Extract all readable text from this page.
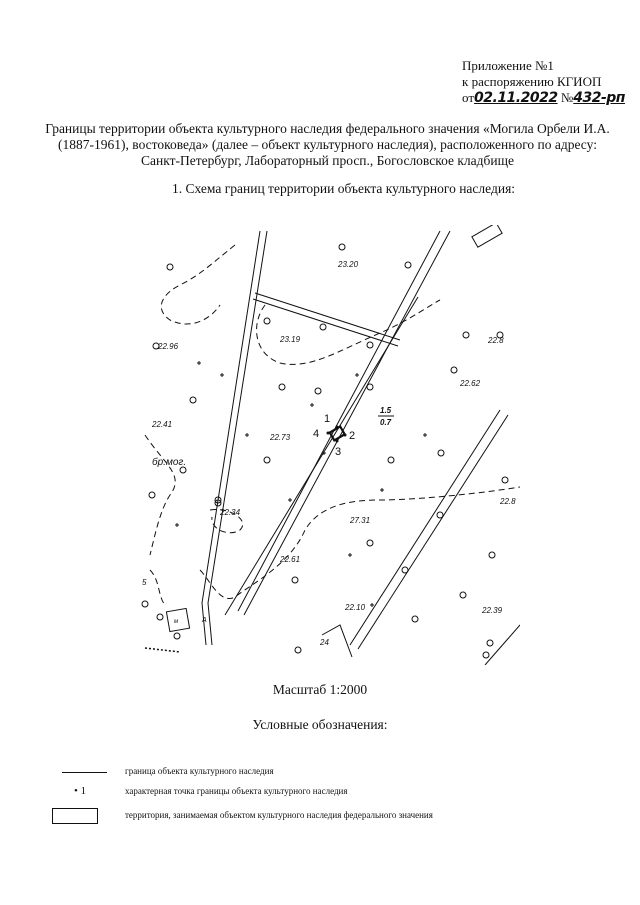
Приложение №1
к распоряжению КГИОП
от02.11.2022 №432-рп
Границы территории объекта культурного наследия федерального значения «Могила Орбели И.А.
(1887-1961), востоковеда» (далее – объект культурного наследия), расположенного по адресу:
Санкт-Петербург, Лабораторный просп., Богословское кладбище
1. Схема границ территории объекта культурного наследия:
23.20
23.19
22.96
22.8
22.62
22.73
22.41
22.34
27.31
22.8
22.61
22.10	22.39
1
2
3
4
1.5
0.7
бр.мог.
24
5
м	А
Масштаб 1:2000
Условные обозначения:
граница объекта культурного наследия
• 1	характерная точка границы объекта культурного наследия
территория, занимаемая объектом культурного наследия федерального значения
